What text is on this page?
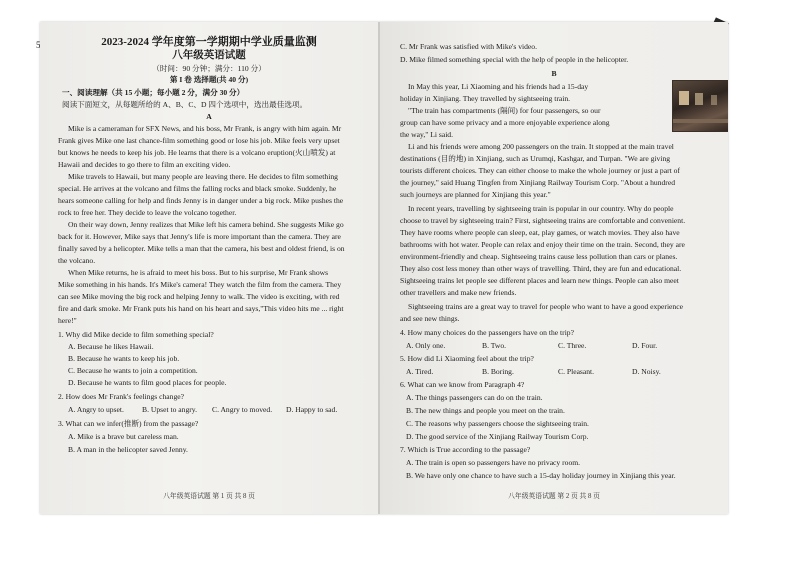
5	2023-2024 学年度第一学期期中学业质量监测
八年级英语试题
（时间：90 分钟；满分：110 分）
第 I 卷 选择题(共 40 分)
一、阅读理解（共 15 小题；每小题 2 分，满分 30 分）
阅读下面短文，从每题所给的 A、B、C、D 四个选项中，选出最佳选项。
A
Mike is a cameraman for SFX News, and his boss, Mr Frank, is angry with him again. Mr
Frank gives Mike one last chance-film something good or lose his job. Mike feels very upset
but knows he needs to keep his job. He learns that there is a volcano eruption(火山喷发) at
Hawaii and decides to go there to film an exciting video.
Mike travels to Hawaii, but many people are leaving there. He decides to film something
special. He arrives at the volcano and films the falling rocks and black smoke. Suddenly, he
hears someone calling for help and finds Jenny is in danger under a big rock. Mike pushes the
rock to free her. They decide to leave the volcano together.
On their way down, Jenny realizes that Mike left his camera behind. She suggests Mike go
back for it. However, Mike says that Jenny's life is more important than the camera. They are
finally saved by a helicopter. Mike tells a man that the camera, his best and oldest friend, is on
the volcano.
When Mike returns, he is afraid to meet his boss. But to his surprise, Mr Frank shows
Mike something in his hands. It's Mike's camera! They watch the film from the camera. They
can see Mike moving the big rock and helping Jenny to walk. The video is exciting, with red
fire and dark smoke. Mr Frank puts his hand on his heart and says,"This video hits me ... right
here!"
1. Why did Mike decide to film something special?
A. Because he likes Hawaii.
B. Because he wants to keep his job.
C. Because he wants to join a competition.
D. Because he wants to film good places for people.
2. How does Mr Frank's feelings change?
A. Angry to upset. B. Upset to angry. C. Angry to moved. D. Happy to sad.
3. What can we infer(推断) from the passage?
A. Mike is a brave but careless man.
B. A man in the helicopter saved Jenny.
八年级英语试题 第 1 页 共 8 页
C. Mr Frank was satisfied with Mike's video.
D. Mike filmed something special with the help of people in the helicopter.
B
In May this year, Li Xiaoming and his friends had a 15-day
holiday in Xinjiang. They travelled by sightseeing train.
"The train has compartments (隔间) for four passengers, so our
group can have some privacy and a more enjoyable experience along
the way," Li said.
Li and his friends were among 200 passengers on the train. It stopped at the main travel
destinations (目的地) in Xinjiang, such as Urumqi, Kashgar, and Turpan. "We are giving
tourists different choices. They can either choose to make the whole journey or just a part of
the journey," said Huang Tingfen from Xinjiang Railway Tourism Corp. "About a hundred
such journeys are planned for Xinjiang this year."
In recent years, travelling by sightseeing train is popular in our country. Why do people
choose to travel by sightseeing train? First, sightseeing trains are comfortable and convenient.
They have rooms where people can sleep, eat, play games, or watch movies. They also have
bathrooms with hot water. People can relax and enjoy their time on the train. Second, they are
environment-friendly and cheap. Sightseeing trains cause less pollution than cars or planes.
They also cost less money than other ways of travelling. Third, they are fun and educational.
Sightseeing trains let people see different places and learn new things. People can also meet
other travellers and make new friends.
Sightseeing trains are a great way to travel for people who want to have a good experience
and see new things.
4. How many choices do the passengers have on the trip?
A. Only one.	B. Two.	C. Three.	D. Four.
5. How did Li Xiaoming feel about the trip?
A. Tired.	B. Boring.	C. Pleasant.	D. Noisy.
6. What can we know from Paragraph 4?
A. The things passengers can do on the train.
B. The new things and people you meet on the train.
C. The reasons why passengers choose the sightseeing train.
D. The good service of the Xinjiang Railway Tourism Corp.
7. Which is True according to the passage?
A. The train is open so passengers have no privacy room.
B. We have only one chance to have such a 15-day holiday journey in Xinjiang this year.
八年级英语试题 第 2 页 共 8 页
